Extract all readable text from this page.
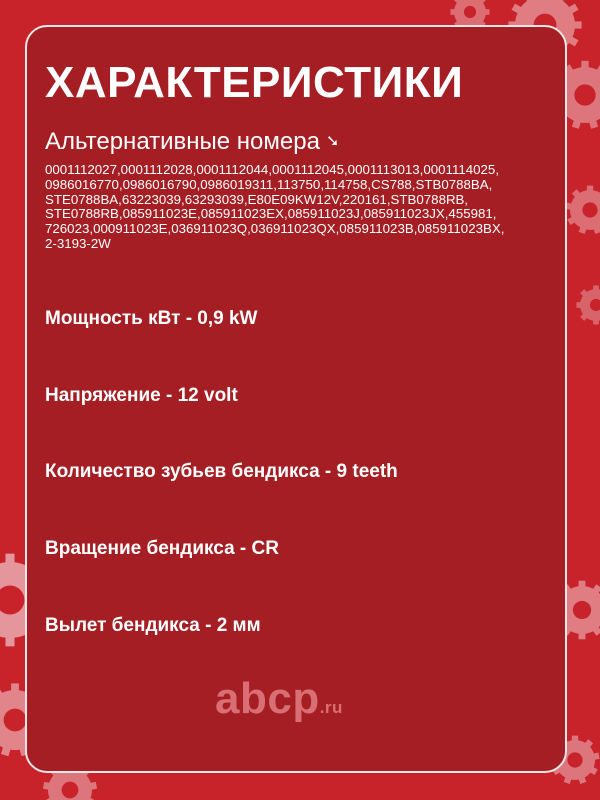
ХАРАКТЕРИСТИКИ
Альтернативные номера ➘
0001112027,0001112028,0001112044,0001112045,0001113013,0001114025,
0986016770,0986016790,0986019311,113750,114758,CS788,STB0788BA,
STE0788BA,63223039,63293039,E80E09KW12V,220161,STB0788RB,
STE0788RB,085911023E,085911023EX,085911023J,085911023JX,455981,
726023,000911023E,036911023Q,036911023QX,085911023B,085911023BX,
2-3193-2W
Мощность кВт - 0,9 kW
Напряжение - 12 volt
Количество зубьев бендикса - 9 teeth
Вращение бендикса - CR
Вылет бендикса - 2 мм
abcp.ru
